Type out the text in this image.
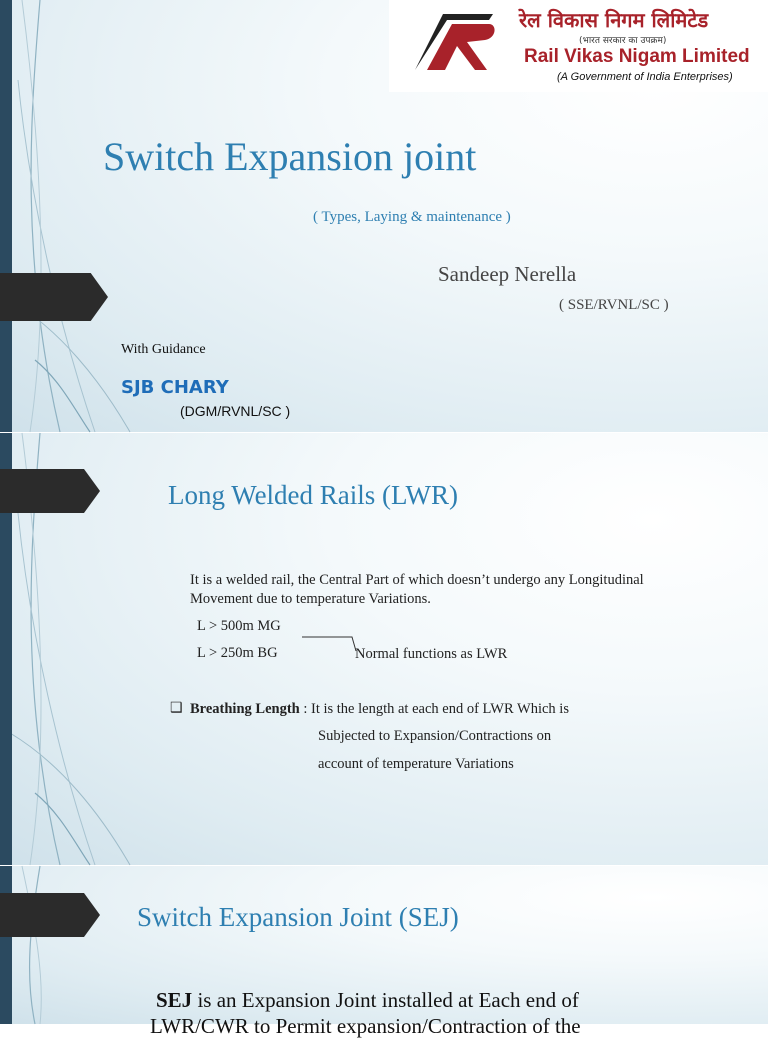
रेल विकास निगम लिमिटेड
(भारत सरकार का उपक्रम)
Rail Vikas Nigam Limited
(A Government of India Enterprises)
Switch Expansion joint
( Types, Laying & maintenance )
Sandeep Nerella
( SSE/RVNL/SC )
With Guidance
SJB CHARY
(DGM/RVNL/SC )
Long Welded Rails (LWR)
It is a welded rail, the Central Part of which doesn’t undergo any Longitudinal
Movement due to temperature Variations.
L > 500m MG
L > 250m BG	Normal functions as LWR
❑ Breathing Length : It is the length at each end of LWR Which is
Subjected to Expansion/Contractions on
account of temperature Variations
Switch Expansion Joint (SEJ)
SEJ is an Expansion Joint installed at Each end of
LWR/CWR to Permit expansion/Contraction of the
